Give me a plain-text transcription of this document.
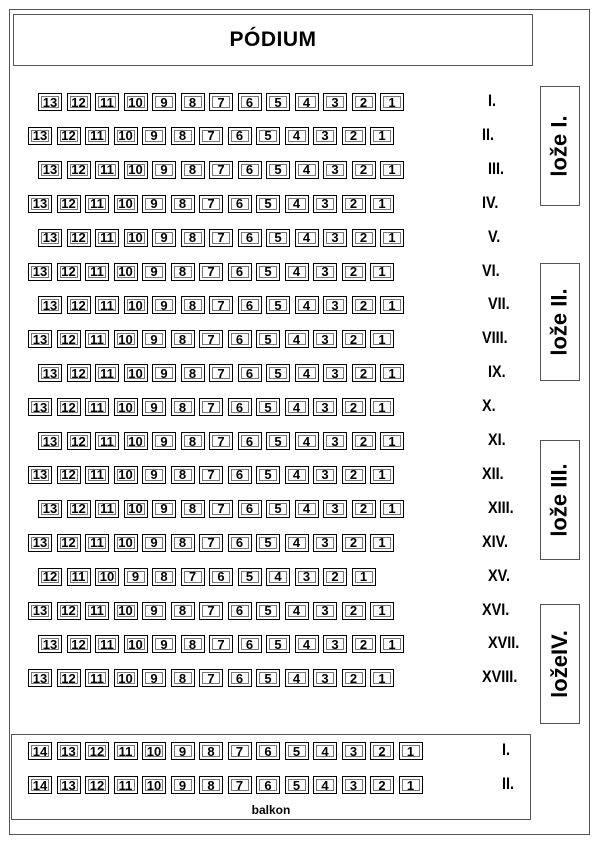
PÓDIUM
13	12	11	10	9	8	7	6	5	4	3	2	1	I.
13	12	11	10	9	8	7	6	5	4	3	2	1	II.
13	12	11	10	9	8	7	6	5	4	3	2	1	III.
13	12	11	10	9	8	7	6	5	4	3	2	1	IV.
13	12	11	10	9	8	7	6	5	4	3	2	1	V.
13	12	11	10	9	8	7	6	5	4	3	2	1	VI.
13	12	11	10	9	8	7	6	5	4	3	2	1	VII.
13	12	11	10	9	8	7	6	5	4	3	2	1	VIII.
13	12	11	10	9	8	7	6	5	4	3	2	1	IX.
13	12	11	10	9	8	7	6	5	4	3	2	1	X.
13	12	11	10	9	8	7	6	5	4	3	2	1	XI.
13	12	11	10	9	8	7	6	5	4	3	2	1	XII.
13	12	11	10	9	8	7	6	5	4	3	2	1	XIII.
13	12	11	10	9	8	7	6	5	4	3	2	1	XIV.
12	11	10	9	8	7	6	5	4	3	2	1	XV.
13	12	11	10	9	8	7	6	5	4	3	2	1	XVI.
13	12	11	10	9	8	7	6	5	4	3	2	1	XVII.
13	12	11	10	9	8	7	6	5	4	3	2	1	XVIII.
lože I.
lože II.
lože III.
ložeIV.
14	13	12	11	10	9	8	7	6	5	4	3	2	1	I.
14	13	12	11	10	9	8	7	6	5	4	3	2	1	II.
balkon
